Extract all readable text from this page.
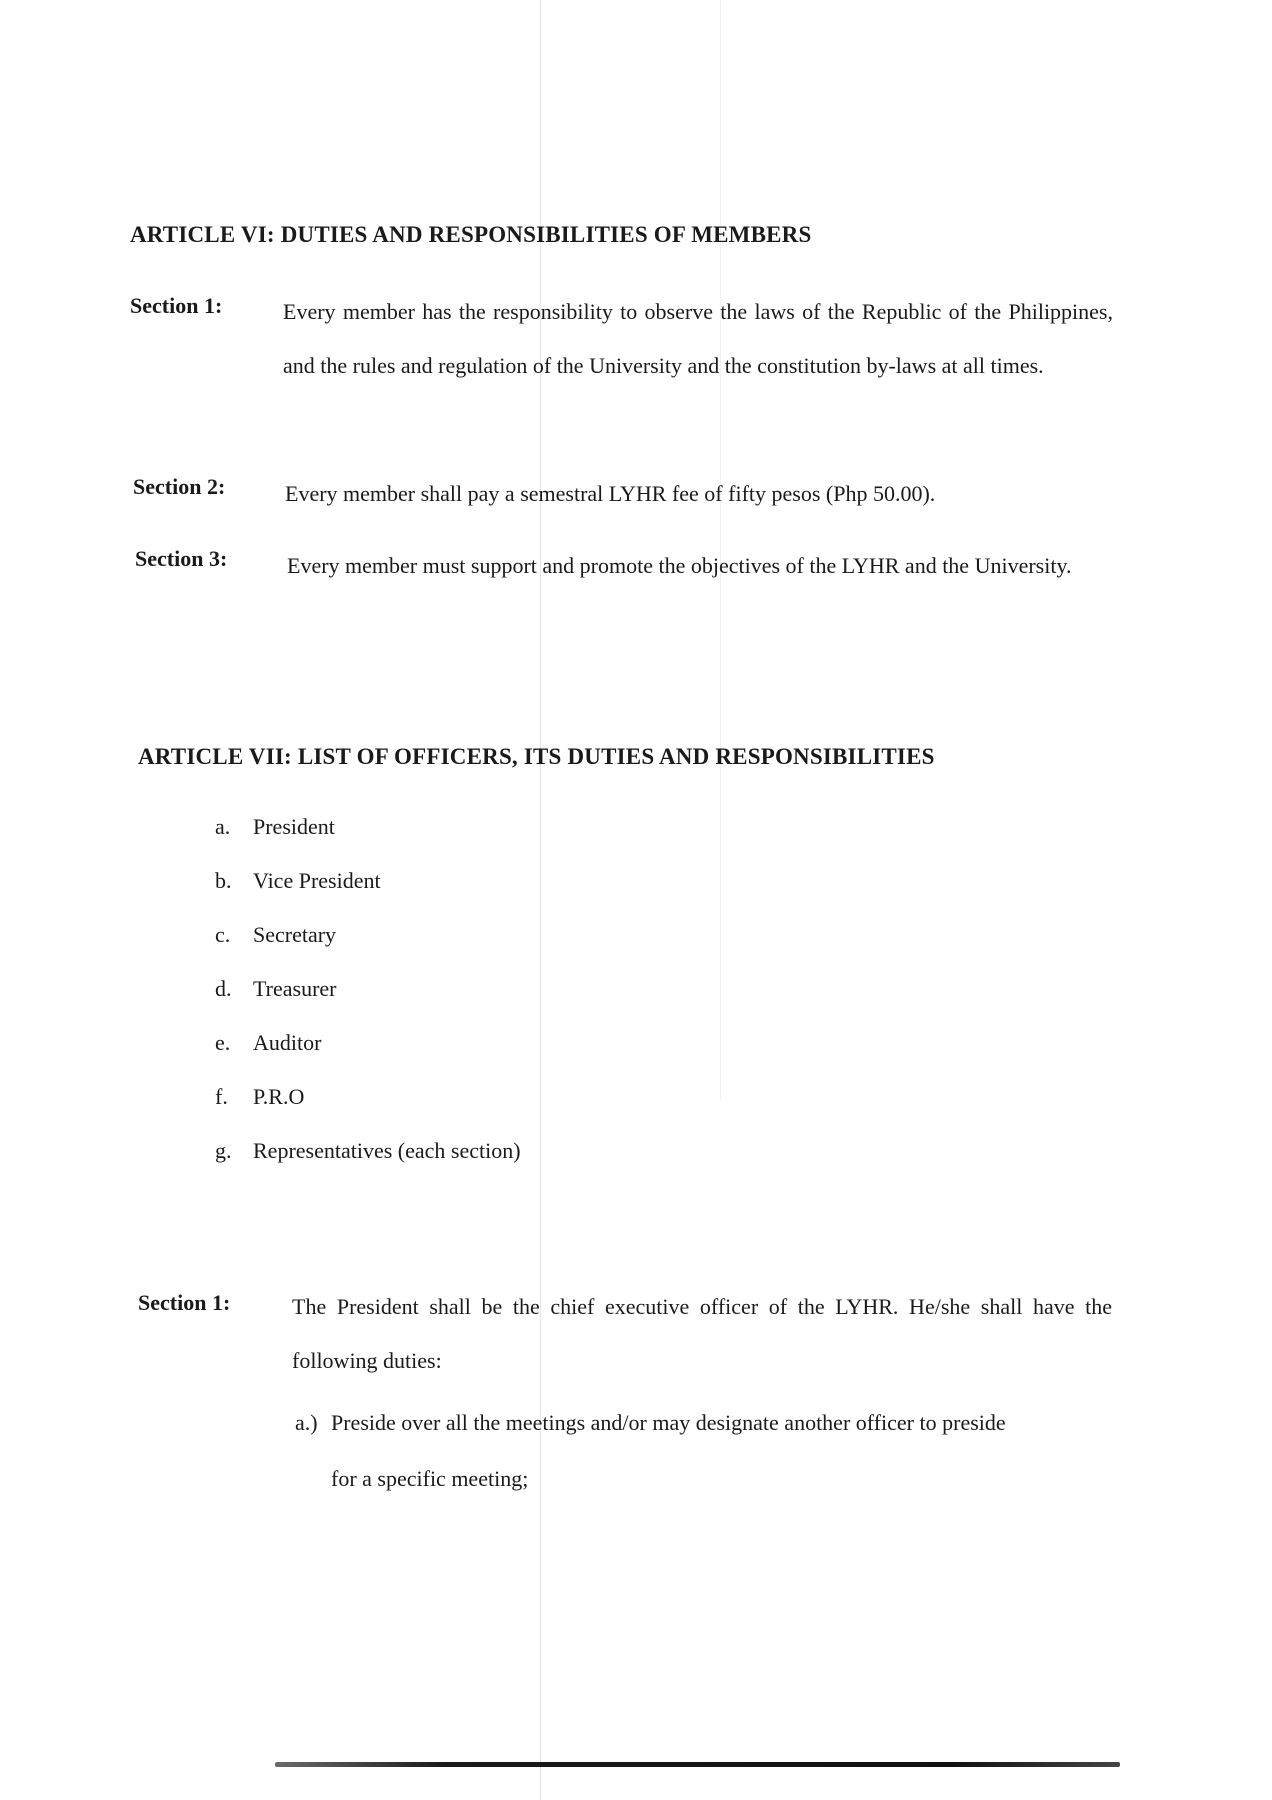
ARTICLE VI: DUTIES AND RESPONSIBILITIES OF MEMBERS
Section 1:	Every member has the responsibility to observe the laws of the Republic of the Philippines, and the rules and regulation of the University and the constitution by-laws at all times.
Section 2:	Every member shall pay a semestral LYHR fee of fifty pesos (Php 50.00).
Section 3:	Every member must support and promote the objectives of the LYHR and the University.
ARTICLE VII: LIST OF OFFICERS, ITS DUTIES AND RESPONSIBILITIES
a. President
b. Vice President
c. Secretary
d. Treasurer
e. Auditor
f. P.R.O
g. Representatives (each section)
Section 1:	The President shall be the chief executive officer of the LYHR. He/she shall have the following duties:
a.) Preside over all the meetings and/or may designate another officer to preside
for a specific meeting;
